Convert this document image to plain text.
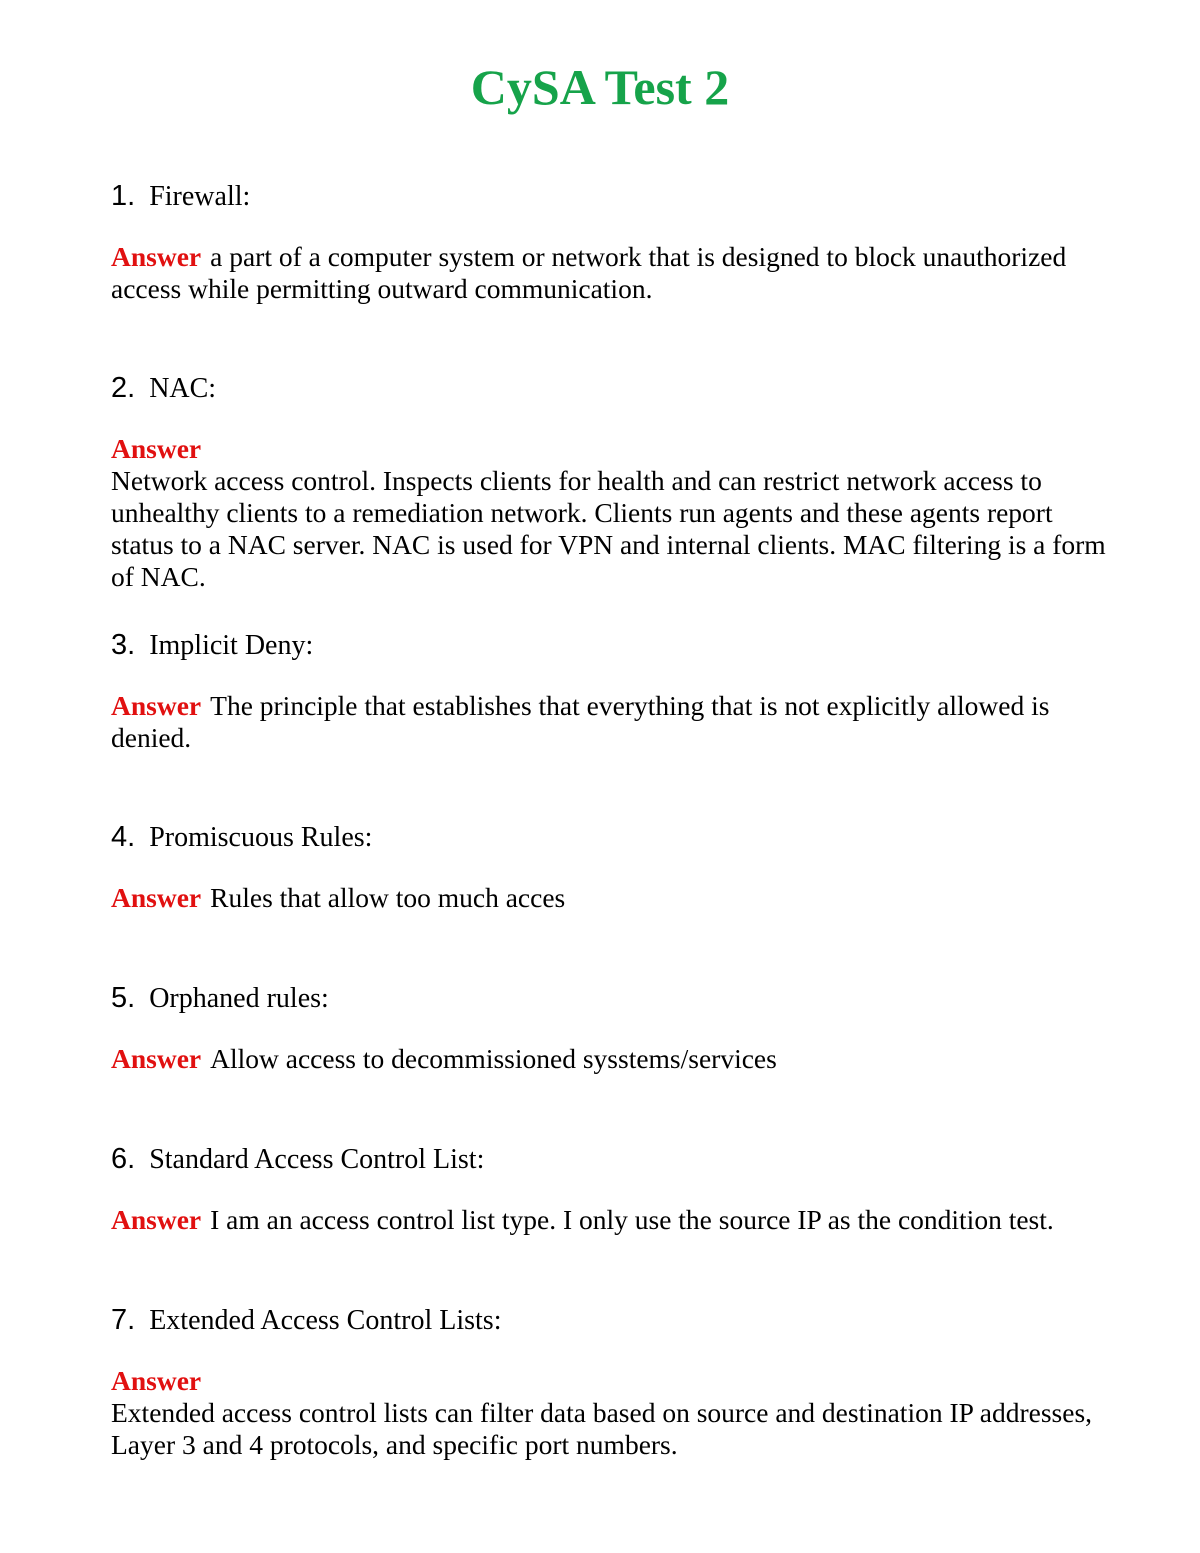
CySA Test 2
1. Firewall:
Answer a part of a computer system or network that is designed to block unauthorized access while permitting outward communication.
2. NAC:
Answer
Network access control. Inspects clients for health and can restrict network access to unhealthy clients to a remediation network. Clients run agents and these agents report status to a NAC server. NAC is used for VPN and internal clients. MAC filtering is a form of NAC.
3. Implicit Deny:
Answer The principle that establishes that everything that is not explicitly allowed is denied.
4. Promiscuous Rules:
Answer Rules that allow too much acces
5. Orphaned rules:
Answer Allow access to decommissioned sysstems/services
6. Standard Access Control List:
Answer I am an access control list type. I only use the source IP as the condition test.
7. Extended Access Control Lists:
Answer
Extended access control lists can filter data based on source and destination IP addresses, Layer 3 and 4 protocols, and specific port numbers.
